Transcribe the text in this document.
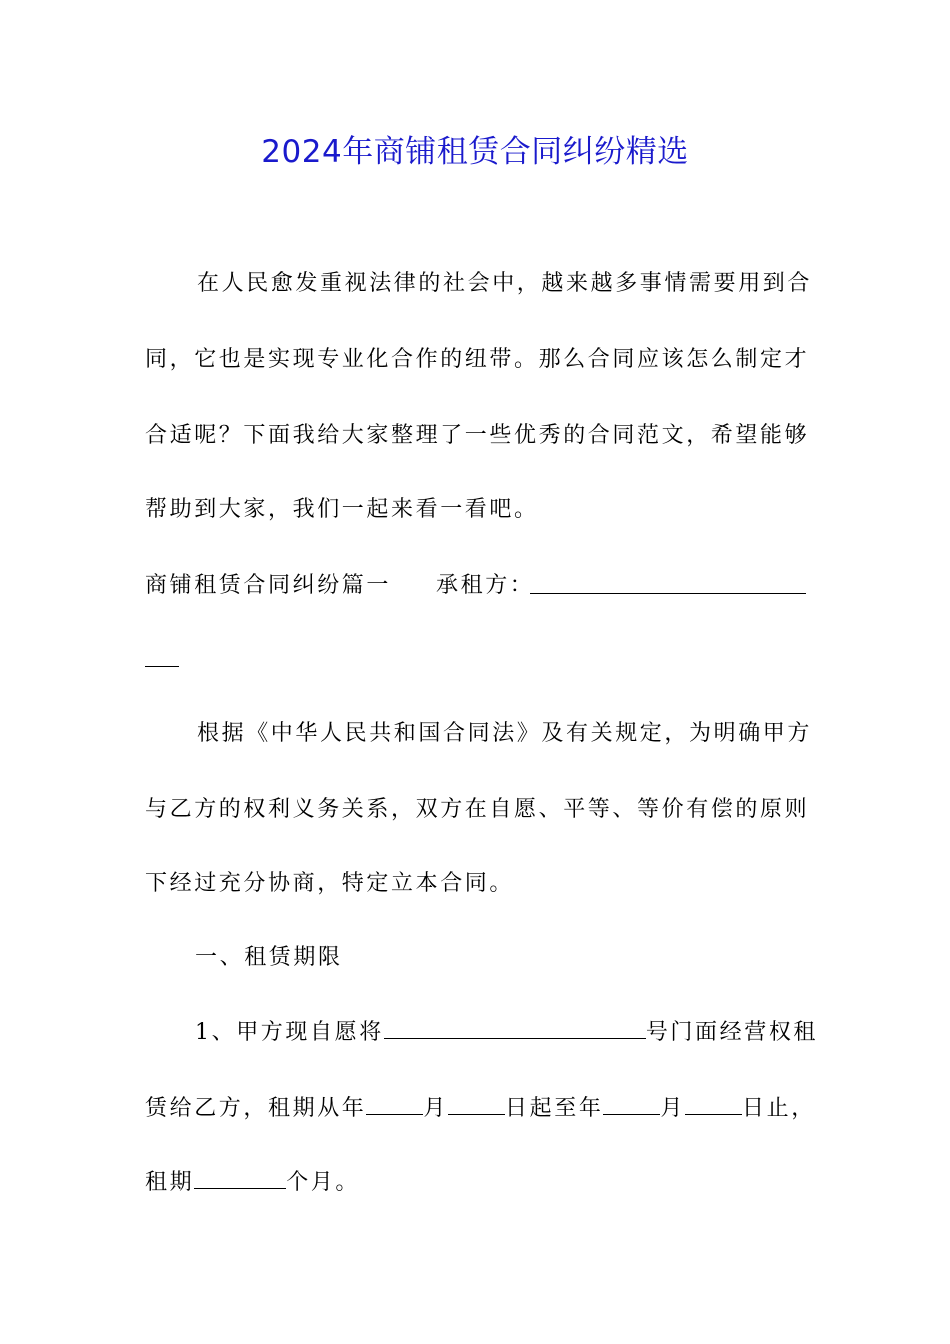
2024年商铺租赁合同纠纷精选
在人民愈发重视法律的社会中，越来越多事情需要用到合
同，它也是实现专业化合作的纽带。那么合同应该怎么制定才
合适呢？下面我给大家整理了一些优秀的合同范文，希望能够
帮助到大家，我们一起来看一看吧。
商铺租赁合同纠纷篇一 承租方：
根据《中华人民共和国合同法》及有关规定，为明确甲方
与乙方的权利义务关系，双方在自愿、平等、等价有偿的原则
下经过充分协商，特定立本合同。
一、租赁期限
1、甲方现自愿将	号门面经营权租
赁给乙方，租期从年	月	日起至年	月	日止，
租期	个月。
